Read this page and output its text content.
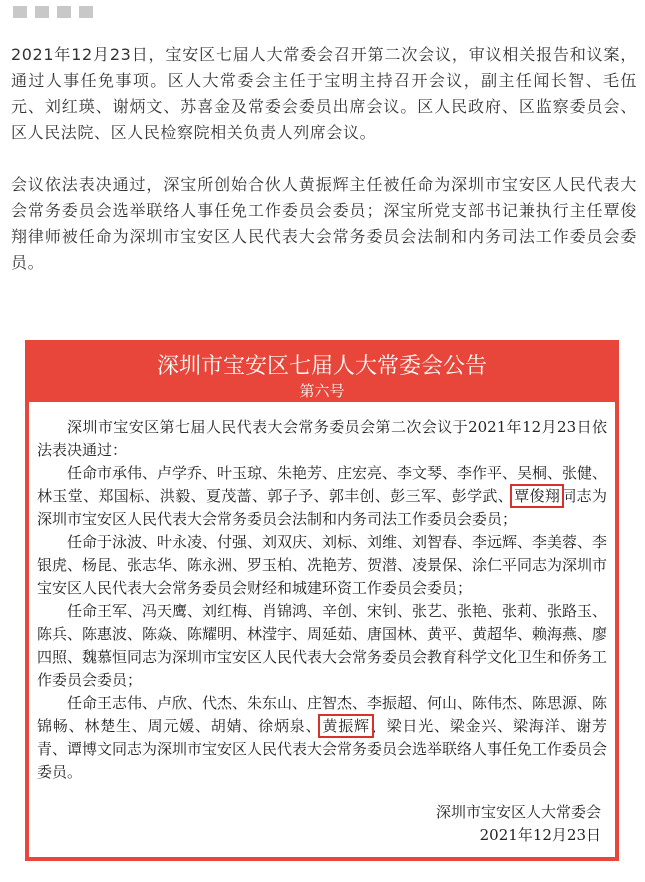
2021年12月23日，宝安区七届人大常委会召开第二次会议，审议相关报告和议案，通过人事任免事项。区人大常委会主任于宝明主持召开会议，副主任闻长智、毛伍元、刘红瑛、谢炳文、苏喜金及常委会委员出席会议。区人民政府、区监察委员会、区人民法院、区人民检察院相关负责人列席会议。

会议依法表决通过，深宝所创始合伙人黄振辉主任被任命为深圳市宝安区人民代表大会常务委员会选举联络人事任免工作委员会委员；深宝所党支部书记兼执行主任覃俊翔律师被任命为深圳市宝安区人民代表大会常务委员会法制和内务司法工作委员会委员。

深圳市宝安区七届人大常委会公告
第六号

深圳市宝安区第七届人民代表大会常务委员会第二次会议于2021年12月23日依法表决通过：

任命市承伟、卢学乔、叶玉琼、朱艳芳、庄宏亮、李文琴、李作平、吴桐、张健、林玉堂、郑国标、洪毅、夏茂蔷、郭子予、郭丰创、彭三军、彭学武、覃俊翔同志为深圳市宝安区人民代表大会常务委员会法制和内务司法工作委员会委员；

任命于泳波、叶永凌、付强、刘双庆、刘标、刘维、刘智春、李远辉、李美蓉、李银虎、杨昆、张志华、陈永洲、罗玉柏、冼艳芳、贺潜、凌景保、涂仁平同志为深圳市宝安区人民代表大会常务委员会财经和城建环资工作委员会委员；

任命王军、冯天鹰、刘红梅、肖锦鸿、辛创、宋钊、张艺、张艳、张莉、张路玉、陈兵、陈惠波、陈焱、陈耀明、林滢宇、周延茹、唐国林、黄平、黄超华、赖海燕、廖四照、魏慕恒同志为深圳市宝安区人民代表大会常务委员会教育科学文化卫生和侨务工作委员会委员；

任命王志伟、卢欣、代杰、朱东山、庄智杰、李振超、何山、陈伟杰、陈思源、陈锦畅、林楚生、周元媛、胡婧、徐炳泉、黄振辉、梁日光、梁金兴、梁海洋、谢芳青、谭博文同志为深圳市宝安区人民代表大会常务委员会选举联络人事任免工作委员会委员。

深圳市宝安区人大常委会
2021年12月23日
